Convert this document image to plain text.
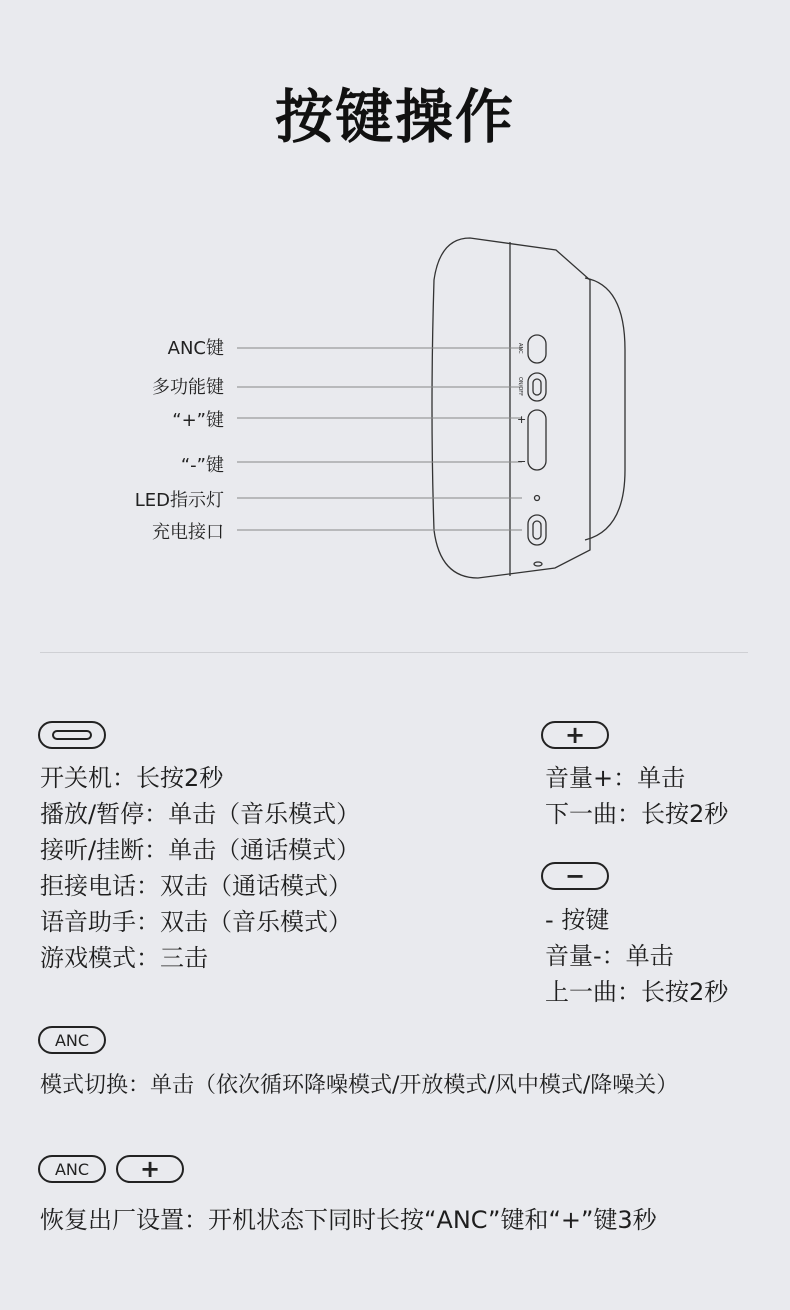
按键操作
ANC
ON/OFF
+
−
ANC键
多功能键
“+”键
“-”键
LED指示灯
充电接口
开关机：长按2秒
播放/暂停：单击（音乐模式）
接听/挂断：单击（通话模式）
拒接电话：双击（通话模式）
语音助手：双击（音乐模式）
游戏模式：三击
+
音量+：单击
下一曲：长按2秒
−
- 按键
音量-：单击
上一曲：长按2秒
ANC
模式切换：单击（依次循环降噪模式/开放模式/风中模式/降噪关）
ANC +
恢复出厂设置：开机状态下同时长按“ANC”键和“+”键3秒
